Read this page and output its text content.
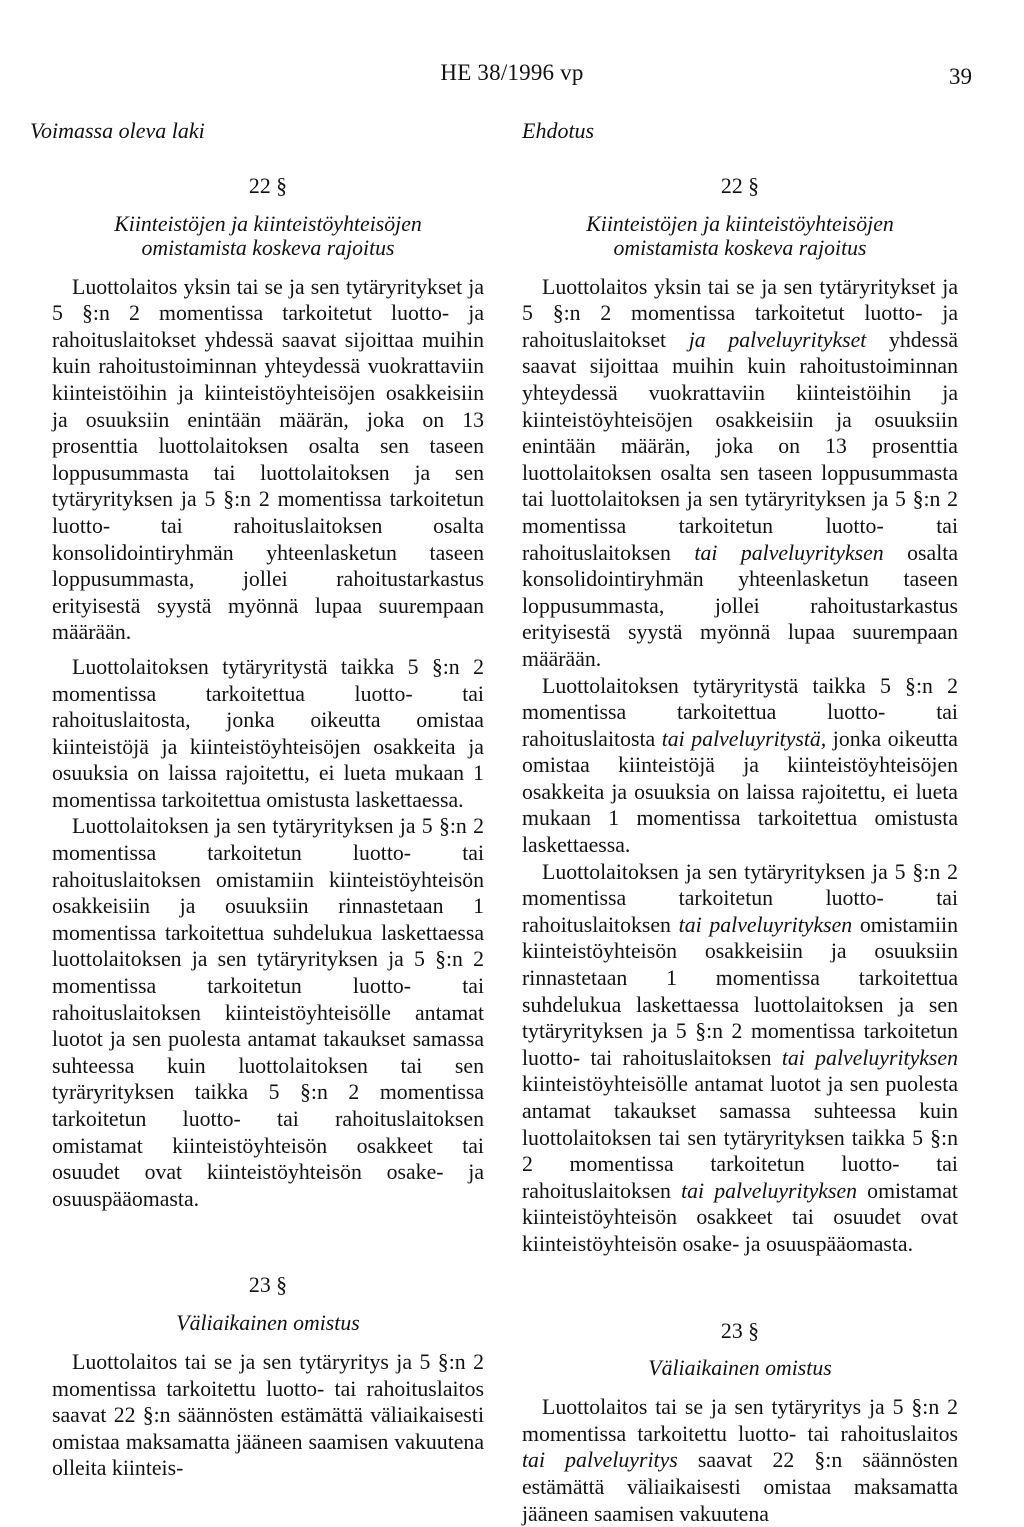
HE 38/1996 vp	39
Voimassa oleva laki	Ehdotus
22 §
Kiinteistöjen ja kiinteistöyhteisöjen
omistamista koskeva rajoitus

Luottolaitos yksin tai se ja sen tytäryritykset ja 5 §:n 2 momentissa tarkoitetut luotto- ja rahoituslaitokset yhdessä saavat sijoittaa muihin kuin rahoitustoiminnan yhteydessä vuokrattaviin kiinteistöihin ja kiinteistöyhteisöjen osakkeisiin ja osuuksiin enintään määrän, joka on 13 prosenttia luottolaitoksen osalta sen taseen loppusummasta tai luottolaitoksen ja sen tytäryrityksen ja 5 §:n 2 momentissa tarkoitetun luotto- tai rahoituslaitoksen osalta konsolidointiryhmän yhteenlasketun taseen loppusummasta, jollei rahoitustarkastus erityisestä syystä myönnä lupaa suurempaan määrään.

Luottolaitoksen tytäryritystä taikka 5 §:n 2 momentissa tarkoitettua luotto- tai rahoituslaitosta, jonka oikeutta omistaa kiinteistöjä ja kiinteistöyhteisöjen osakkeita ja osuuksia on laissa rajoitettu, ei lueta mukaan 1 momentissa tarkoitettua omistusta laskettaessa.

Luottolaitoksen ja sen tytäryrityksen ja 5 §:n 2 momentissa tarkoitetun luotto- tai rahoituslaitoksen omistamiin kiinteistöyhteisön osakkeisiin ja osuuksiin rinnastetaan 1 momentissa tarkoitettua suhdelukua laskettaessa luottolaitoksen ja sen tytäryrityksen ja 5 §:n 2 momentissa tarkoitetun luotto- tai rahoituslaitoksen kiinteistöyhteisölle antamat luotot ja sen puolesta antamat takaukset samassa suhteessa kuin luottolaitoksen tai sen tyräryrityksen taikka 5 §:n 2 momentissa tarkoitetun luotto- tai rahoituslaitoksen omistamat kiinteistöyhteisön osakkeet tai osuudet ovat kiinteistöyhteisön osake- ja osuuspääomasta.

23 §
Väliaikainen omistus

Luottolaitos tai se ja sen tytäryritys ja 5 §:n 2 momentissa tarkoitettu luotto- tai rahoituslaitos saavat 22 §:n säännösten estämättä väliaikaisesti omistaa maksamatta jääneen saamisen vakuutena olleita kiinteis-

22 §
Kiinteistöjen ja kiinteistöyhteisöjen
omistamista koskeva rajoitus

Luottolaitos yksin tai se ja sen tytäryritykset ja 5 §:n 2 momentissa tarkoitetut luotto- ja rahoituslaitokset ja palveluyritykset yhdessä saavat sijoittaa muihin kuin rahoitustoiminnan yhteydessä vuokrattaviin kiinteistöihin ja kiinteistöyhteisöjen osakkeisiin ja osuuksiin enintään määrän, joka on 13 prosenttia luottolaitoksen osalta sen taseen loppusummasta tai luottolaitoksen ja sen tytäryrityksen ja 5 §:n 2 momentissa tarkoitetun luotto- tai rahoituslaitoksen tai palveluyrityksen osalta konsolidointiryhmän yhteenlasketun taseen loppusummasta, jollei rahoitustarkastus erityisestä syystä myönnä lupaa suurempaan määrään.

Luottolaitoksen tytäryritystä taikka 5 §:n 2 momentissa tarkoitettua luotto- tai rahoituslaitosta tai palveluyritystä, jonka oikeutta omistaa kiinteistöjä ja kiinteistöyhteisöjen osakkeita ja osuuksia on laissa rajoitettu, ei lueta mukaan 1 momentissa tarkoitettua omistusta laskettaessa.

Luottolaitoksen ja sen tytäryrityksen ja 5 §:n 2 momentissa tarkoitetun luotto- tai rahoituslaitoksen tai palveluyrityksen omistamiin kiinteistöyhteisön osakkeisiin ja osuuksiin rinnastetaan 1 momentissa tarkoitettua suhdelukua laskettaessa luottolaitoksen ja sen tytäryrityksen ja 5 §:n 2 momentissa tarkoitetun luotto- tai rahoituslaitoksen tai palveluyrityksen kiinteistöyhteisölle antamat luotot ja sen puolesta antamat takaukset samassa suhteessa kuin luottolaitoksen tai sen tytäryrityksen taikka 5 §:n 2 momentissa tarkoitetun luotto- tai rahoituslaitoksen tai palveluyrityksen omistamat kiinteistöyhteisön osakkeet tai osuudet ovat kiinteistöyhteisön osake- ja osuuspääomasta.

23 §
Väliaikainen omistus

Luottolaitos tai se ja sen tytäryritys ja 5 §:n 2 momentissa tarkoitettu luotto- tai rahoituslaitos tai palveluyritys saavat 22 §:n säännösten estämättä väliaikaisesti omistaa maksamatta jääneen saamisen vakuutena
